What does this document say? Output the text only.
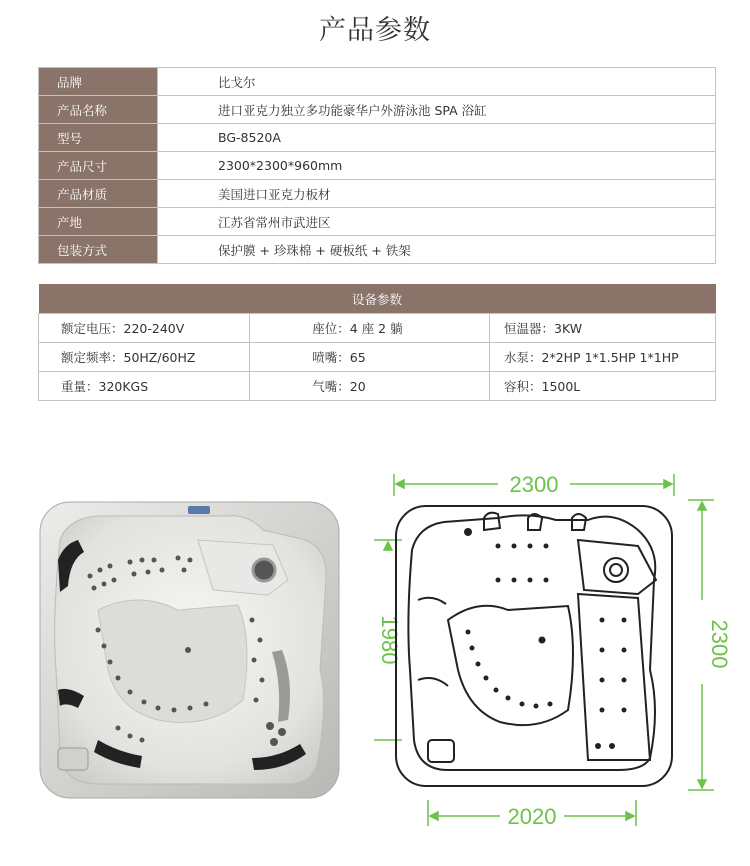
产品参数
品牌	比戈尔
产品名称	进口亚克力独立多功能豪华户外游泳池 SPA 浴缸
型号	BG-8520A
产品尺寸	2300*2300*960mm
产品材质	美国进口亚克力板材
产地	江苏省常州市武进区
包装方式	保护膜 + 珍珠棉 + 硬板纸 + 铁架
设备参数		
额定电压：220-240V	座位：4 座 2 躺	恒温器：3KW
额定频率：50HZ/60HZ	喷嘴：65	水泵：2*2HP 1*1.5HP 1*1HP
重量：320KGS	气嘴：20	容积：1500L
2300
2300
1980
2020
